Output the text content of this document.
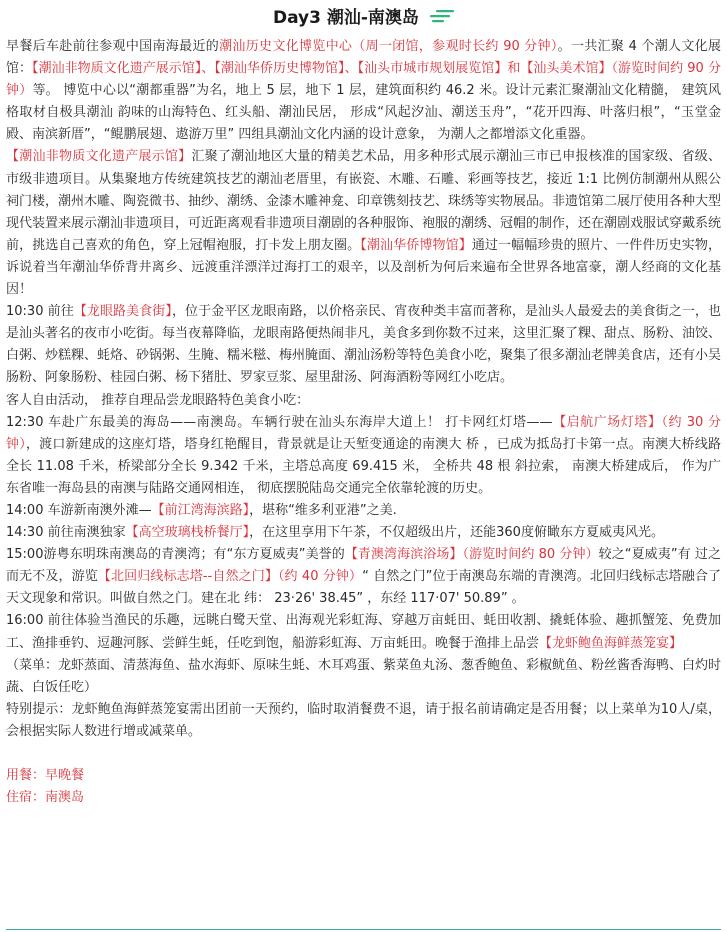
Day3 潮汕-南澳岛

早餐后车赴前往参观中国南海最近的潮汕历史文化博览中心（周一闭馆，参观时长约 90 分钟）。一共汇聚 4 个潮人文化展馆：【潮汕非物质文化遗产展示馆】、【潮汕华侨历史博物馆】、【汕头市城市规划展览馆】和【汕头美术馆】（游览时间约 90 分钟）等。 博览中心以“潮都重器”为名，地上 5 层，地下 1 层，建筑面积约 46.2 米。设计元素汇聚潮汕文化精髓， 建筑风格取材自极具潮汕 韵味的山海特色、红头船、潮汕民居， 形成“风起汐汕、潮送玉舟”，“花开四海、叶落归根”，“玉堂金殿、南滨新厝”，“鲲鹏展翅、遨游万里” 四组具潮汕文化内涵的设计意象， 为潮人之都增添文化重器。

【潮汕非物质文化遗产展示馆】汇聚了潮汕地区大量的精美艺术品，用多种形式展示潮汕三市已申报核准的国家级、省级、市级非遗项目。从集聚地方传统建筑技艺的潮汕老厝里，有嵌瓷、木雕、石雕、彩画等技艺，接近 1:1 比例仿制潮州从熙公祠门楼，潮州木雕、陶瓷微书、抽纱、潮绣、金漆木雕神龛、印章镌刻技艺、珠绣等实物展品。非遗馆第二展厅使用各种大型现代装置来展示潮汕非遗项目，可近距离观看非遗项目潮剧的各种服饰、袍服的潮绣、冠帽的制作，还在潮剧戏服试穿戴系统前，挑选自己喜欢的角色，穿上冠帽袍服，打卡发上朋友圈。【潮汕华侨博物馆】通过一幅幅珍贵的照片、一件件历史实物，诉说着当年潮汕华侨背井离乡、远渡重洋漂洋过海打工的艰辛，以及剖析为何后来遍布全世界各地富豪，潮人经商的文化基因！

10:30 前往【龙眼路美食街】，位于金平区龙眼南路，以价格亲民、宵夜种类丰富而著称，是汕头人最爱去的美食街之一，也是汕头著名的夜市小吃街。每当夜幕降临，龙眼南路便热闹非凡，美食多到你数不过来，这里汇聚了粿、甜点、肠粉、油饺、白粥、炒糕粿、蚝烙、砂锅粥、生腌、糯米糍、梅州腌面、潮汕汤粉等特色美食小吃，聚集了很多潮汕老牌美食店，还有小吴肠粉、阿象肠粉、桂园白粥、杨下猪肚、罗家豆浆、屋里甜汤、阿海酒粉等网红小吃店。

客人自由活动， 推荐自理品尝龙眼路特色美食小吃：

12:30 车赴广东最美的海岛——南澳岛。车辆行驶在汕头东海岸大道上！ 打卡网红灯塔——【启航广场灯塔】（约 30 分钟），渡口新建成的这座灯塔，塔身红艳醒目，背景就是让天堑变通途的南澳大 桥 ，已成为抵岛打卡第一点。南澳大桥线路全长 11.08 千米，桥梁部分全长 9.342 千米，主塔总高度 69.415 米， 全桥共 48 根 斜拉索， 南澳大桥建成后， 作为广东省唯一海岛县的南澳与陆路交通网相连， 彻底摆脱陆岛交通完全依靠轮渡的历史。

14:00 车游新南澳外滩—【前江湾海滨路】，堪称“维多利亚港”之美.

14:30 前往南澳独家【高空玻璃栈桥餐厅】，在这里享用下午茶，不仅超级出片，还能360度俯瞰东方夏威夷风光。

15:00游粤东明珠南澳岛的青澳湾；有“东方夏威夷”美誉的【青澳湾海滨浴场】（游览时间约 80 分钟）较之“夏威夷”有 过之而无不及，游览【北回归线标志塔--自然之门】（约 40 分钟）“ 自然之门”位于南澳岛东端的青澳湾。北回归线标志塔融合了天文现象和常识。叫做自然之门。建在北 纬： 23·26' 38.45” ，东经 117·07' 50.89” 。

16:00 前往体验当渔民的乐趣，远眺白鹭天堂、出海观光彩虹海、穿越万亩蚝田、蚝田收割、撬蚝体验、趣抓蟹笼、免费加工、渔排垂钓、逗趣河豚、尝鲜生蚝，任吃到饱，船游彩虹海、万亩蚝田。晚餐于渔排上品尝【龙虾鲍鱼海鲜蒸笼宴】

（菜单：龙虾蒸面、清蒸海鱼、盐水海虾、原味生蚝、木耳鸡蛋、紫菜鱼丸汤、葱香鲍鱼、彩椒鱿鱼、粉丝酱香海鸭、白灼时蔬、白饭任吃）

特别提示：龙虾鲍鱼海鲜蒸笼宴需出团前一天预约，临时取消餐费不退，请于报名前请确定是否用餐；以上菜单为10人/桌，会根据实际人数进行增或减菜单。

用餐：早晚餐
住宿：南澳岛
